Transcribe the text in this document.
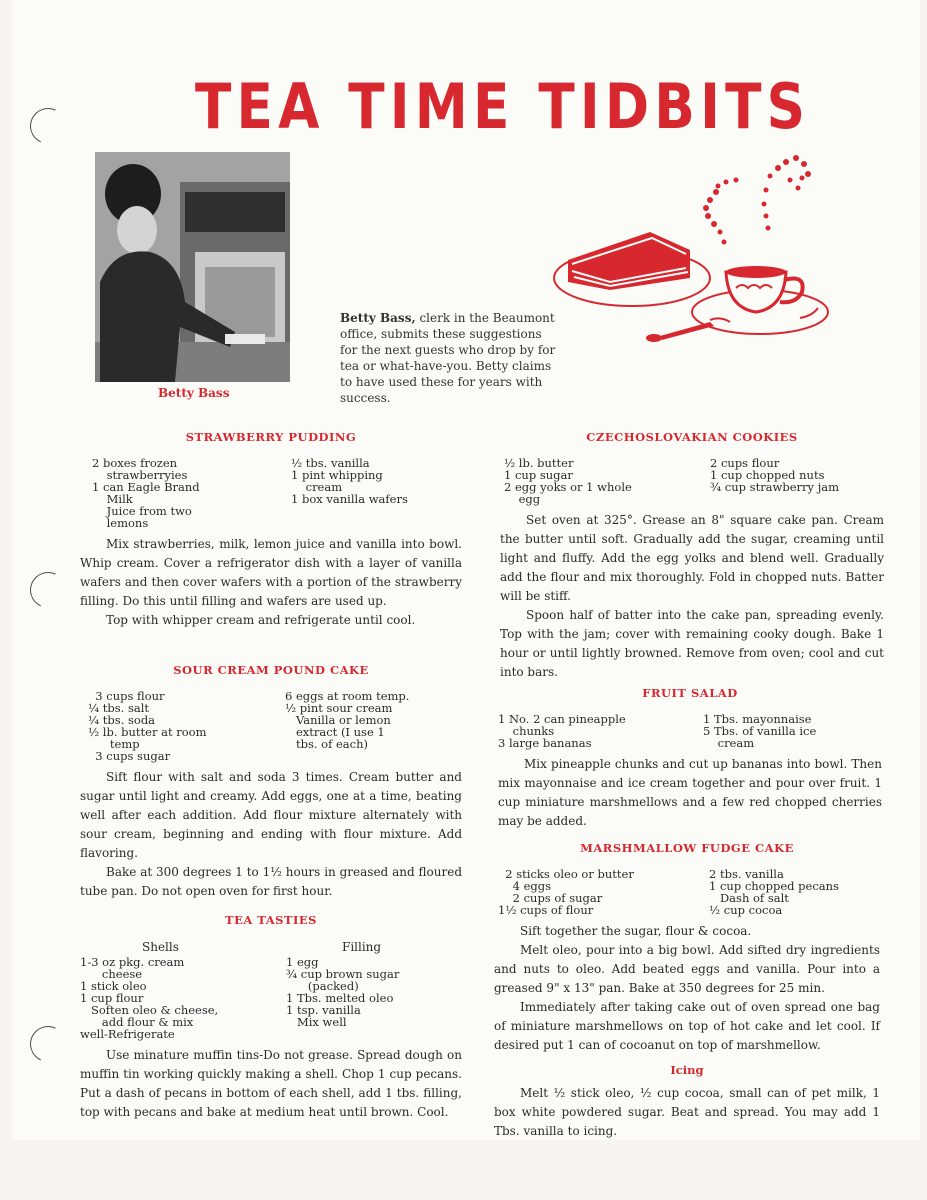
TEA TIME TIDBITS
Betty Bass
Betty Bass, clerk in the Beaumont office, submits these suggestions for the next guests who drop by for tea or what-have-you. Betty claims to have used these for years with success.
STRAWBERRY PUDDING
2 boxes frozen
strawberryies
1 can Eagle Brand
Milk
Juice from two
lemons
½ tbs. vanilla
1 pint whipping
cream
1 box vanilla wafers

Mix strawberries, milk, lemon juice and vanilla into bowl. Whip cream. Cover a refrigerator dish with a layer of vanilla wafers and then cover wafers with a portion of the strawberry filling. Do this until filling and wafers are used up.

Top with whipper cream and refrigerate until cool.

SOUR CREAM POUND CAKE
3 cups flour
¼ tbs. salt
¼ tbs. soda
½ lb. butter at room
temp
3 cups sugar
6 eggs at room temp.
½ pint sour cream
Vanilla or lemon
extract (I use 1
tbs. of each)

Sift flour with salt and soda 3 times. Cream butter and sugar until light and creamy. Add eggs, one at a time, beating well after each addition. Add flour mixture alternately with sour cream, beginning and ending with flour mixture. Add flavoring.

Bake at 300 degrees 1 to 1½ hours in greased and floured tube pan. Do not open oven for first hour.

TEA TASTIES
Shells	Filling
1-3 oz pkg. cream
cheese
1 stick oleo
1 cup flour
Soften oleo & cheese,
add flour & mix
well-Refrigerate
1 egg
¾ cup brown sugar
(packed)
1 Tbs. melted oleo
1 tsp. vanilla
Mix well

Use minature muffin tins-Do not grease. Spread dough on muffin tin working quickly making a shell. Chop 1 cup pecans. Put a dash of pecans in bottom of each shell, add 1 tbs. filling, top with pecans and bake at medium heat until brown. Cool.

CZECHOSLOVAKIAN COOKIES
½ lb. butter
1 cup sugar
2 egg yoks or 1 whole
egg
2 cups flour
1 cup chopped nuts
¾ cup strawberry jam

Set oven at 325°. Grease an 8" square cake pan. Cream the butter until soft. Gradually add the sugar, creaming until light and fluffy. Add the egg yolks and blend well. Gradually add the flour and mix thoroughly. Fold in chopped nuts. Batter will be stiff.

Spoon half of batter into the cake pan, spreading evenly. Top with the jam; cover with remaining cooky dough. Bake 1 hour or until lightly browned. Remove from oven; cool and cut into bars.

FRUIT SALAD
1 No. 2 can pineapple
chunks
3 large bananas
1 Tbs. mayonnaise
5 Tbs. of vanilla ice
cream

Mix pineapple chunks and cut up bananas into bowl. Then mix mayonnaise and ice cream together and pour over fruit. 1 cup miniature marshmellows and a few red chopped cherries may be added.

MARSHMALLOW FUDGE CAKE
2 sticks oleo or butter
4 eggs
2 cups of sugar
1½ cups of flour
2 tbs. vanilla
1 cup chopped pecans
Dash of salt
½ cup cocoa

Sift together the sugar, flour & cocoa.

Melt oleo, pour into a big bowl. Add sifted dry ingredients and nuts to oleo. Add beated eggs and vanilla. Pour into a greased 9" x 13" pan. Bake at 350 degrees for 25 min.

Immediately after taking cake out of oven spread one bag of miniature marshmellows on top of hot cake and let cool. If desired put 1 can of cocoanut on top of marshmellow.

Icing

Melt ½ stick oleo, ½ cup cocoa, small can of pet milk, 1 box white powdered sugar. Beat and spread. You may add 1 Tbs. vanilla to icing.
